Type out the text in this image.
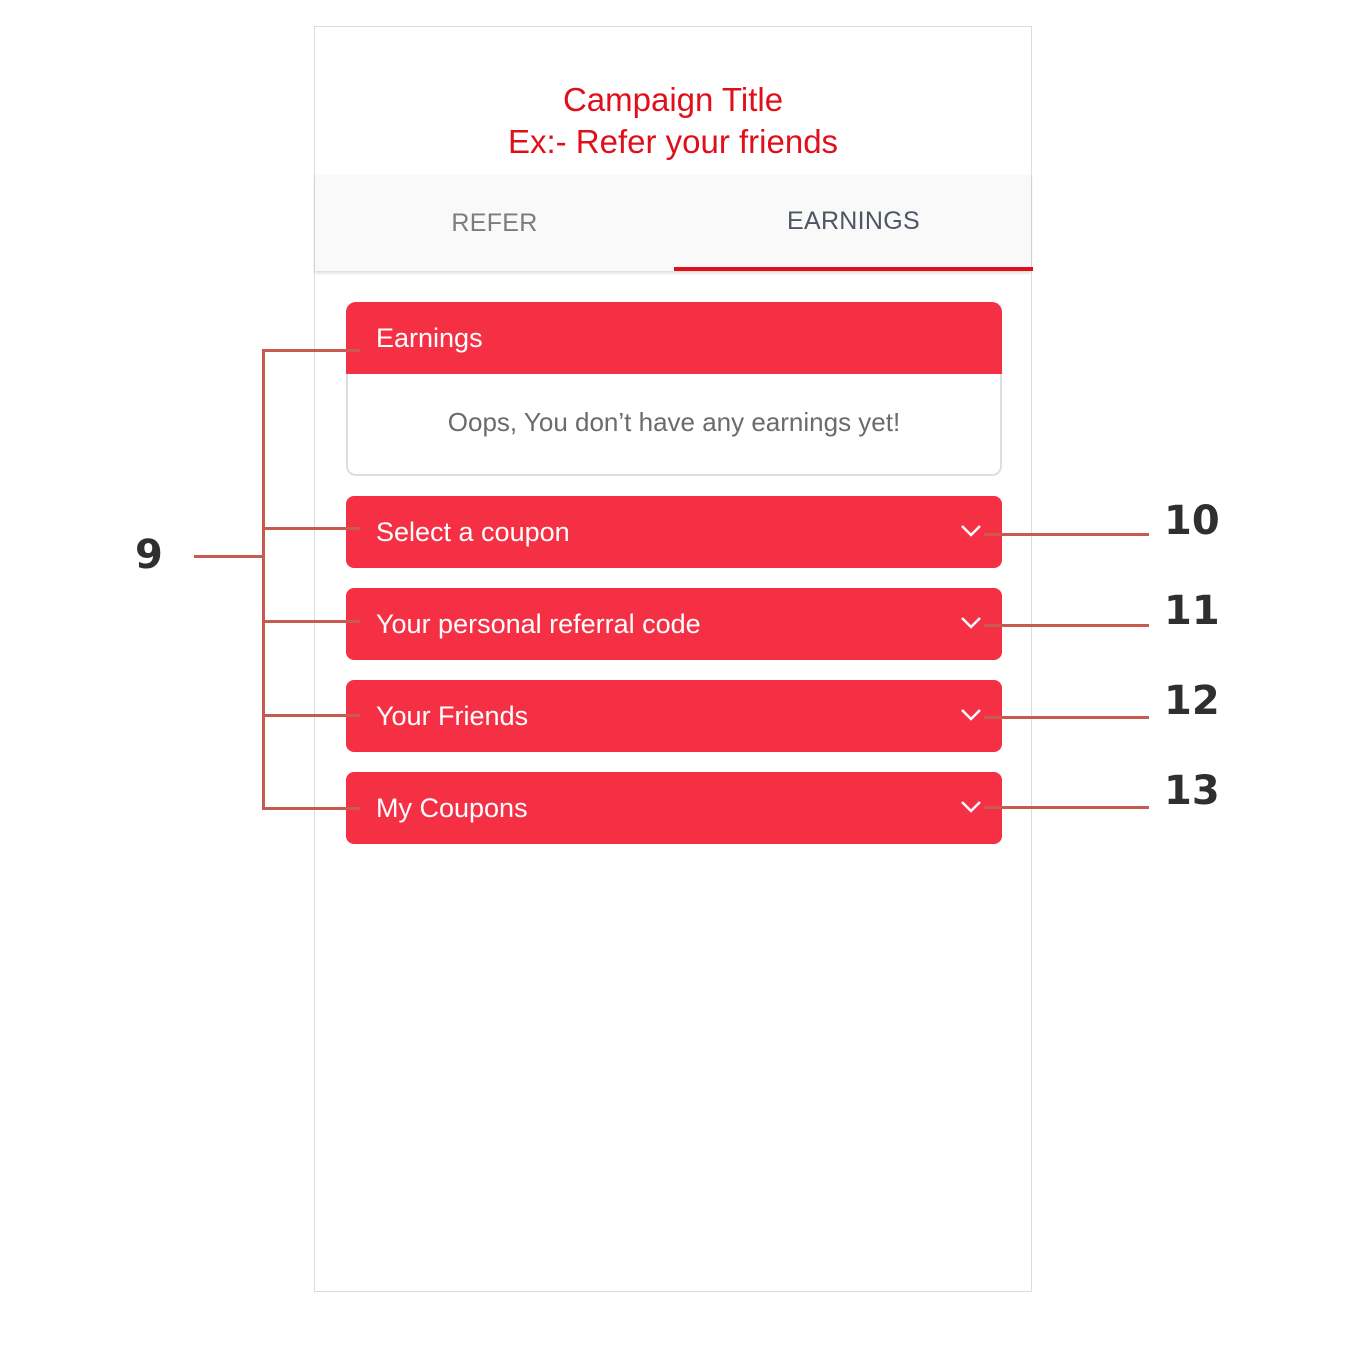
Campaign Title
Ex:- Refer your friends
REFER	EARNINGS
Earnings
Oops, You don’t have any earnings yet!
Select a coupon
Your personal referral code
Your Friends
My Coupons
9
10
11
12
13
